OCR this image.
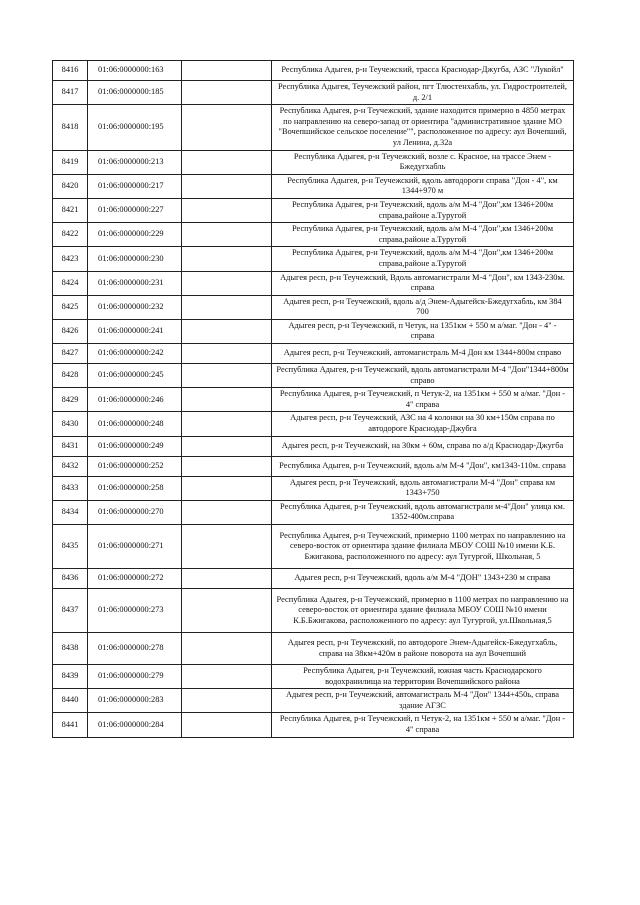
8416	01:06:0000000:163		Республика Адыгея, р-н Теучежский, трасса Краснодар-Джугба, АЗС "Лукойл"
8417	01:06:0000000:185		Республика Адыгея, Теучежский район, пгт Тлюстенхабль, ул. Гидростроителей, д. 2/1
8418	01:06:0000000:195		Республика Адыгея, р-н Теучежский, здание находится примерно в 4850 метрах по направлению на северо-запад от ориентира "административное здание МО "Вочепшийское сельское поселение"", расположенное по адресу: аул Вочепший, ул Ленина, д.32а
8419	01:06:0000000:213		Республика Адыгея, р-н Теучежский, возле с. Красное, на трассе Энем - Бжедугхабль
8420	01:06:0000000:217		Республика Адыгея, р-н Теучежский, вдоль автодороги справа "Дон - 4", км 1344+970 м
8421	01:06:0000000:227		Республика Адыгея, р-н Теучежский, вдоль а/м М-4 "Дон",км 1346+200м справа,районе а.Туругой
8422	01:06:0000000:229		Республика Адыгея, р-н Теучежский, вдоль а/м М-4 "Дон",км 1346+200м справа,районе а.Туругой
8423	01:06:0000000:230		Республика Адыгея, р-н Теучежский, вдоль а/м М-4 "Дон",км 1346+200м справа,районе а.Туругой
8424	01:06:0000000:231		Адыгея респ, р-н Теучежский, Вдоль автомагистрали М-4 "Дон", км 1343-230м. справа
8425	01:06:0000000:232		Адыгея респ, р-н Теучежский, вдоль а/д Энем-Адыгейск-Бжедугхабль, км 384 700
8426	01:06:0000000:241		Адыгея респ, р-н Теучежский, п Четук, на 1351км + 550 м а/маг. "Дон - 4" - справа
8427	01:06:0000000:242		Адыгея респ, р-н Теучежский, автомагистраль М-4 Дон км 1344+800м справо
8428	01:06:0000000:245		Республика Адыгея, р-н Теучежский, вдоль автомагистрали М-4 "Дон"1344+800м справо
8429	01:06:0000000:246		Республика Адыгея, р-н Теучежский, п Четук-2, на 1351км + 550 м а/маг. "Дон - 4" справа
8430	01:06:0000000:248		Адыгея респ, р-н Теучежский, АЗС на 4 колонки на 30 км+150м справа по автодороге Краснодар-Джубга
8431	01:06:0000000:249		Адыгея респ, р-н Теучежский, на 30км + 60м, справа по а/д Краснодар-Джугба
8432	01:06:0000000:252		Республика Адыгея, р-н Теучежский, вдоль а/м М-4 "Дон", км1343-110м. справа
8433	01:06:0000000:258		Адыгея респ, р-н Теучежский, вдоль автомагистрали М-4 "Дон" справа км 1343+750
8434	01:06:0000000:270		Республика Адыгея, р-н Теучежский, вдоль автомагистрали м-4"Дон" улица км. 1352-400м.справа
8435	01:06:0000000:271		Республика Адыгея, р-н Теучежский, примерно 1100 метрах по направлению на северо-восток от ориентира здание филиала МБОУ СОШ №10 имени К.Б. Бжигакова, расположенного по адресу: аул Тугургой, Школьная, 5
8436	01:06:0000000:272		Адыгея респ, р-н Теучежский, вдоль а/м М-4 "ДОН" 1343+230 м справа
8437	01:06:0000000:273		Республика Адыгея, р-н Теучежский, примерно в 1100 метрах по направлению на северо-восток от ориентира здание филиала МБОУ СОШ №10 имени К.Б.Бжигакова, расположенного по адресу: аул Тугургой, ул.Школьная,5
8438	01:06:0000000:278		Адыгея респ, р-н Теучежский, по автодороге Энем-Адыгейск-Бжедугхабль, справа на 38км+420м в районе поворота на аул Вочепший
8439	01:06:0000000:279		Республика Адыгея, р-н Теучежский, южная часть Краснодарского водохранилища на территории Вочепшийского района
8440	01:06:0000000:283		Адыгея респ, р-н Теучежский, автомагистраль М-4 "Дон" 1344+450ь, справа здание АГЗС
8441	01:06:0000000:284		Республика Адыгея, р-н Теучежский, п Четук-2, на 1351км + 550 м а/маг. "Дон - 4" справа
